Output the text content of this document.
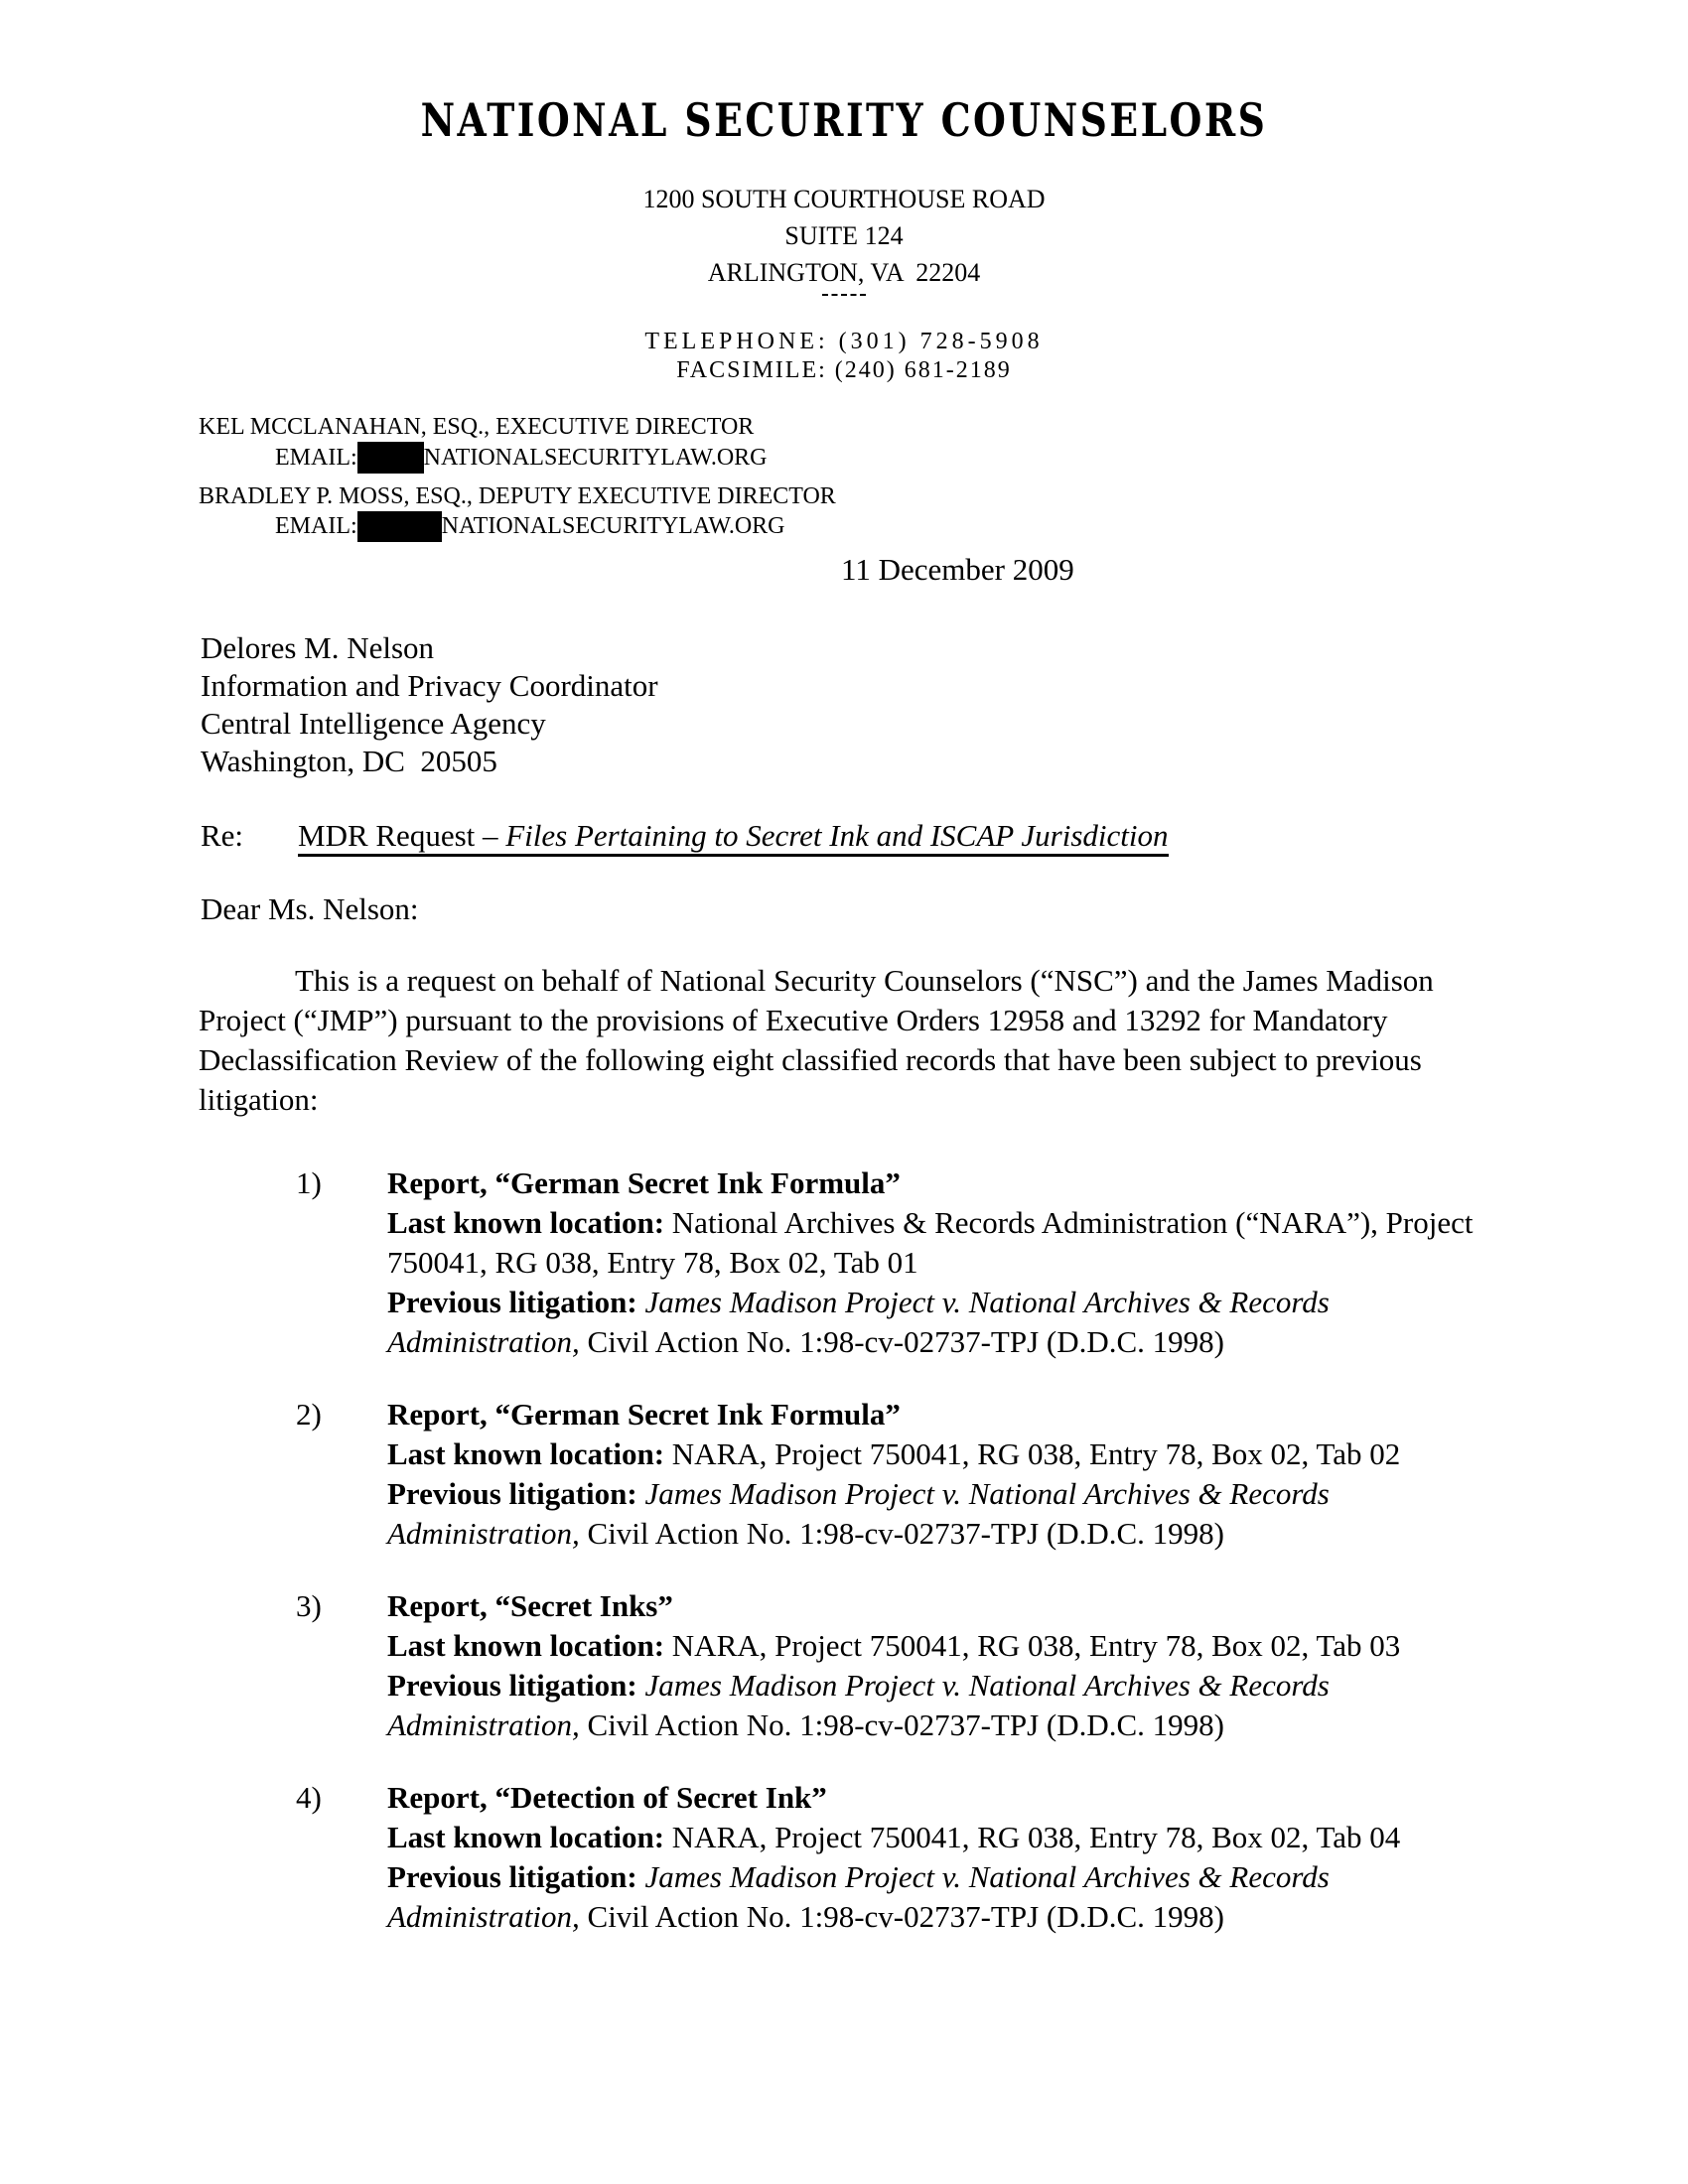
NATIONAL SECURITY COUNSELORS
1200 SOUTH COURTHOUSE ROAD
SUITE 124
ARLINGTON, VA  22204
TELEPHONE: (301) 728-5908
FACSIMILE: (240) 681-2189
KEL MCCLANAHAN, ESQ., EXECUTIVE DIRECTOR
EMAIL:	NATIONALSECURITYLAW.ORG
BRADLEY P. MOSS, ESQ., DEPUTY EXECUTIVE DIRECTOR
EMAIL:	NATIONALSECURITYLAW.ORG
11 December 2009
Delores M. Nelson
Information and Privacy Coordinator
Central Intelligence Agency
Washington, DC  20505
Re: MDR Request – Files Pertaining to Secret Ink and ISCAP Jurisdiction
Dear Ms. Nelson:
This is a request on behalf of National Security Counselors (“NSC”) and the James Madison Project (“JMP”) pursuant to the provisions of Executive Orders 12958 and 13292 for Mandatory Declassification Review of the following eight classified records that have been subject to previous litigation:
1) Report, “German Secret Ink Formula”
Last known location: National Archives & Records Administration (“NARA”), Project 750041, RG 038, Entry 78, Box 02, Tab 01
Previous litigation: James Madison Project v. National Archives & Records Administration, Civil Action No. 1:98-cv-02737-TPJ (D.D.C. 1998)
2) Report, “German Secret Ink Formula”
Last known location: NARA, Project 750041, RG 038, Entry 78, Box 02, Tab 02
Previous litigation: James Madison Project v. National Archives & Records Administration, Civil Action No. 1:98-cv-02737-TPJ (D.D.C. 1998)
3) Report, “Secret Inks”
Last known location: NARA, Project 750041, RG 038, Entry 78, Box 02, Tab 03
Previous litigation: James Madison Project v. National Archives & Records Administration, Civil Action No. 1:98-cv-02737-TPJ (D.D.C. 1998)
4) Report, “Detection of Secret Ink”
Last known location: NARA, Project 750041, RG 038, Entry 78, Box 02, Tab 04
Previous litigation: James Madison Project v. National Archives & Records Administration, Civil Action No. 1:98-cv-02737-TPJ (D.D.C. 1998)
